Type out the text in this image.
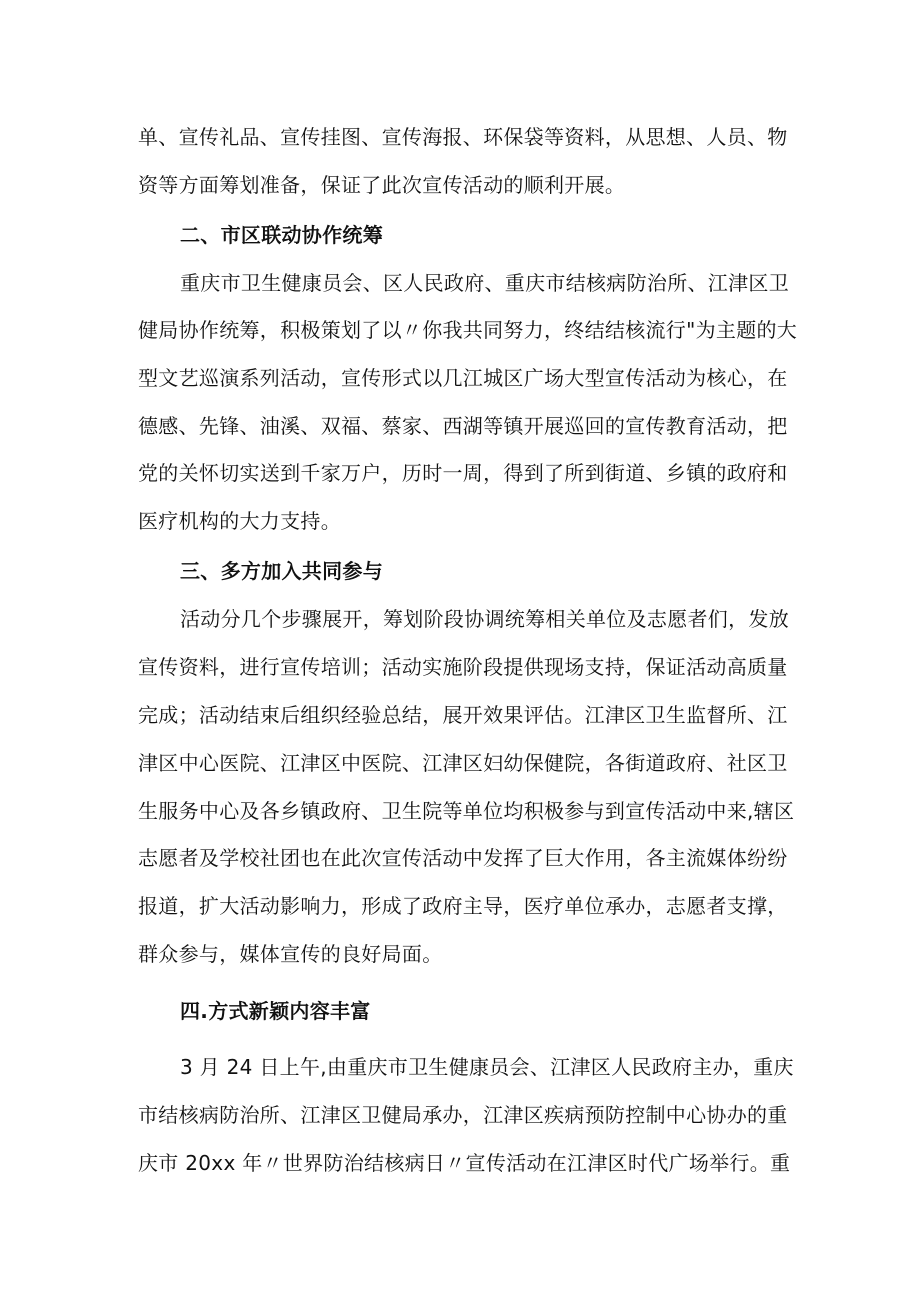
单、宣传礼品、宣传挂图、宣传海报、环保袋等资料，从思想、人员、物
资等方面筹划准备，保证了此次宣传活动的顺利开展。
二、市区联动协作统筹
重庆市卫生健康员会、区人民政府、重庆市结核病防治所、江津区卫
健局协作统筹，积极策划了以〃你我共同努力，终结结核流行"为主题的大
型文艺巡演系列活动，宣传形式以几江城区广场大型宣传活动为核心，在
德感、先锋、油溪、双福、蔡家、西湖等镇开展巡回的宣传教育活动，把
党的关怀切实送到千家万户，历时一周，得到了所到街道、乡镇的政府和
医疗机构的大力支持。
三、多方加入共同参与
活动分几个步骤展开，筹划阶段协调统筹相关单位及志愿者们，发放
宣传资料，进行宣传培训；活动实施阶段提供现场支持，保证活动高质量
完成；活动结束后组织经验总结，展开效果评估。江津区卫生监督所、江
津区中心医院、江津区中医院、江津区妇幼保健院，各街道政府、社区卫
生服务中心及各乡镇政府、卫生院等单位均积极参与到宣传活动中来,辖区
志愿者及学校社团也在此次宣传活动中发挥了巨大作用，各主流媒体纷纷
报道，扩大活动影响力，形成了政府主导，医疗单位承办，志愿者支撑，
群众参与，媒体宣传的良好局面。
四.方式新颖内容丰富
3 月 24 日上午,由重庆市卫生健康员会、江津区人民政府主办，重庆
市结核病防治所、江津区卫健局承办，江津区疾病预防控制中心协办的重
庆市 20xx 年〃世界防治结核病日〃宣传活动在江津区时代广场举行。重
